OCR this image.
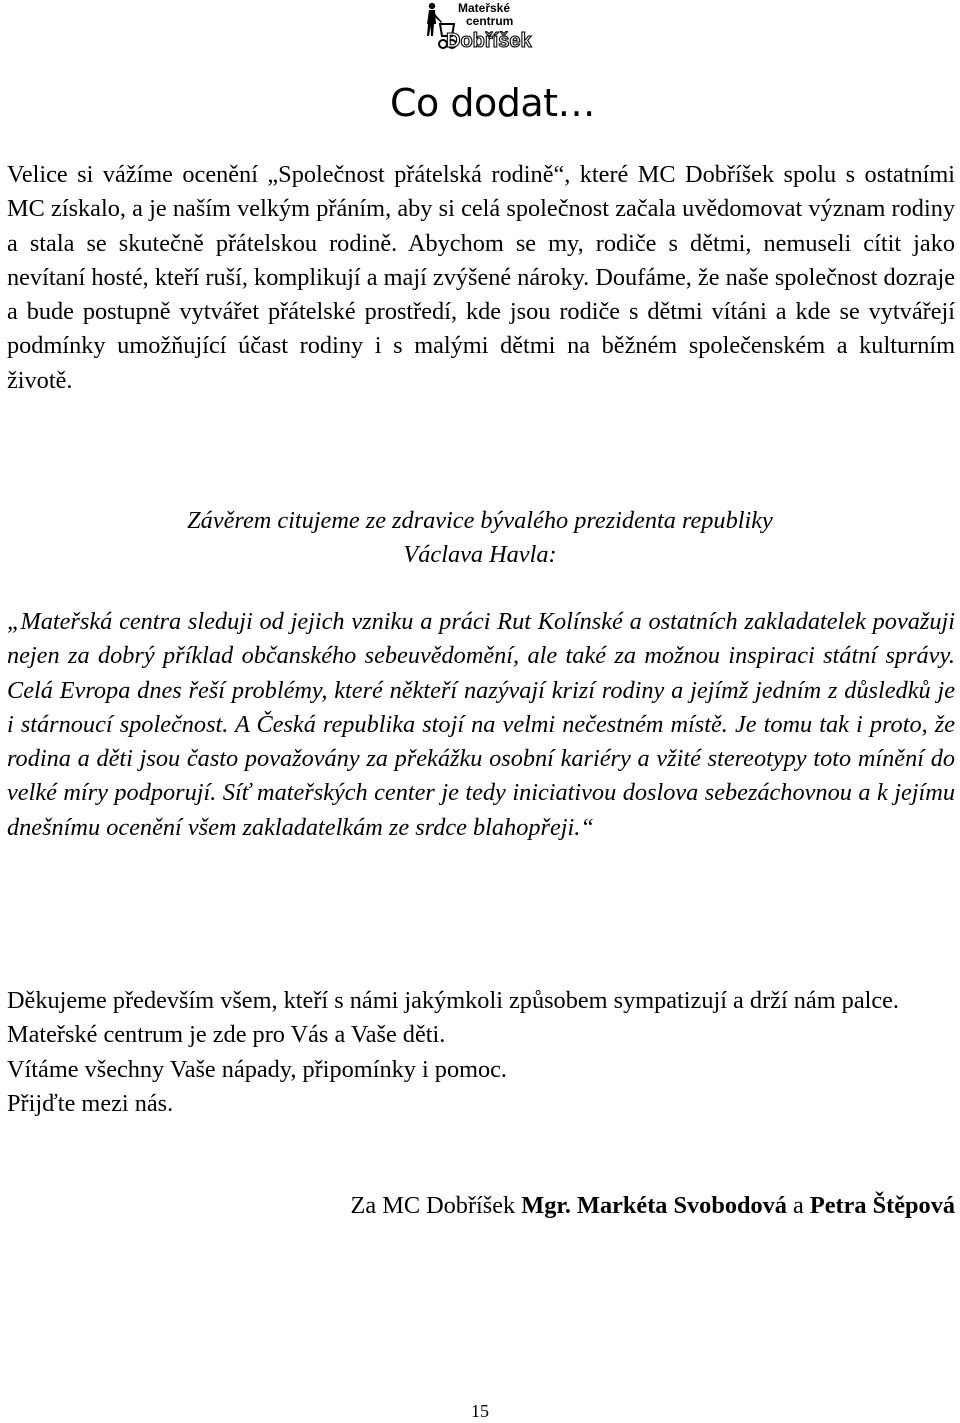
Mateřské
centrum
Dobříšek
Co dodat…

Velice si vážíme ocenění „Společnost přátelská rodině“, které MC Dobříšek spolu s ostatními MC získalo, a je naším velkým přáním, aby si celá společnost začala uvědomovat význam rodiny a stala se skutečně přátelskou rodině. Abychom se my, rodiče s dětmi, nemuseli cítit jako nevítaní hosté, kteří ruší, komplikují a mají zvýšené nároky. Doufáme, že naše společnost dozraje a bude postupně vytvářet přátelské prostředí, kde jsou rodiče s dětmi vítáni a kde se vytvářejí podmínky umožňující účast rodiny i s malými dětmi na běžném společenském a kulturním životě.

Závěrem citujeme ze zdravice bývalého prezidenta republiky
Václava Havla:

„Mateřská centra sleduji od jejich vzniku a práci Rut Kolínské a ostatních zakladatelek považuji nejen za dobrý příklad občanského sebeuvědomění, ale také za možnou inspiraci státní správy. Celá Evropa dnes řeší problémy, které někteří nazývají krizí rodiny a jejímž jedním z důsledků je i stárnoucí společnost. A Česká republika stojí na velmi nečestném místě. Je tomu tak i proto, že rodina a děti jsou často považovány za překážku osobní kariéry a vžité stereotypy toto mínění do velké míry podporují. Síť mateřských center je tedy iniciativou doslova sebezáchovnou a k jejímu dnešnímu ocenění všem zakladatelkám ze srdce blahopřeji.“

Děkujeme především všem, kteří s námi jakýmkoli způsobem sympatizují a drží nám palce.
Mateřské centrum je zde pro Vás a Vaše děti.
Vítáme všechny Vaše nápady, připomínky i pomoc.
Přijďte mezi nás.
Za MC Dobříšek Mgr. Markéta Svobodová a Petra Štěpová
15
